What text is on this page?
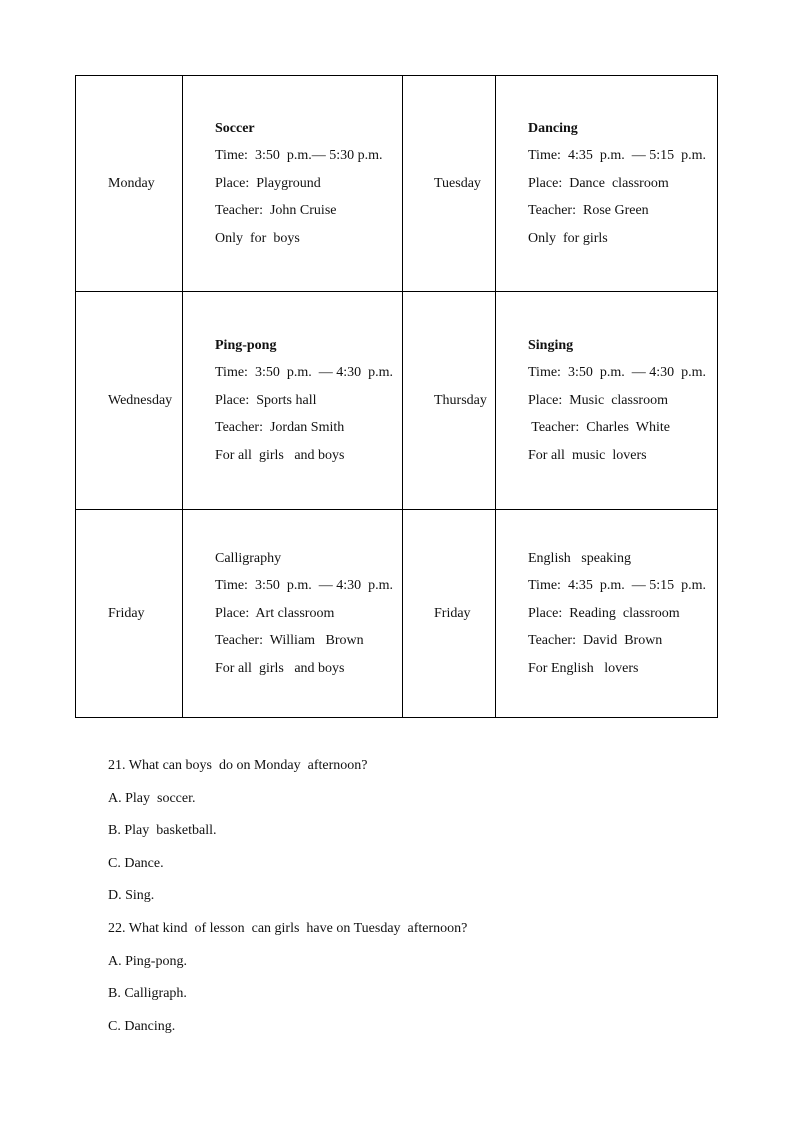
Monday	Soccer
Time:  3:50  p.m.— 5:30 p.m.
Place:  Playground
Teacher:  John Cruise
Only  for  boys	Tuesday	Dancing
Time:  4:35  p.m.  — 5:15  p.m.
Place:  Dance  classroom
Teacher:  Rose Green
Only  for girls

Wednesday	Ping-pong
Time:  3:50  p.m.  — 4:30  p.m.
Place:  Sports hall
Teacher:  Jordan Smith
For all  girls   and boys	Thursday	Singing
Time:  3:50  p.m.  — 4:30  p.m.
Place:  Music  classroom
Teacher:  Charles  White
For all  music  lovers

Friday	Calligraphy
Time:  3:50  p.m.  — 4:30  p.m.
Place:  Art classroom
Teacher:  William   Brown
For all  girls   and boys	Friday	English   speaking
Time:  4:35  p.m.  — 5:15  p.m.
Place:  Reading  classroom
Teacher:  David  Brown
For English   lovers
21. What can boys  do on Monday  afternoon?
A. Play  soccer.
B. Play  basketball.
C. Dance.
D. Sing.
22. What kind  of lesson  can girls  have on Tuesday  afternoon?
A. Ping-pong.
B. Calligraph.
C. Dancing.
